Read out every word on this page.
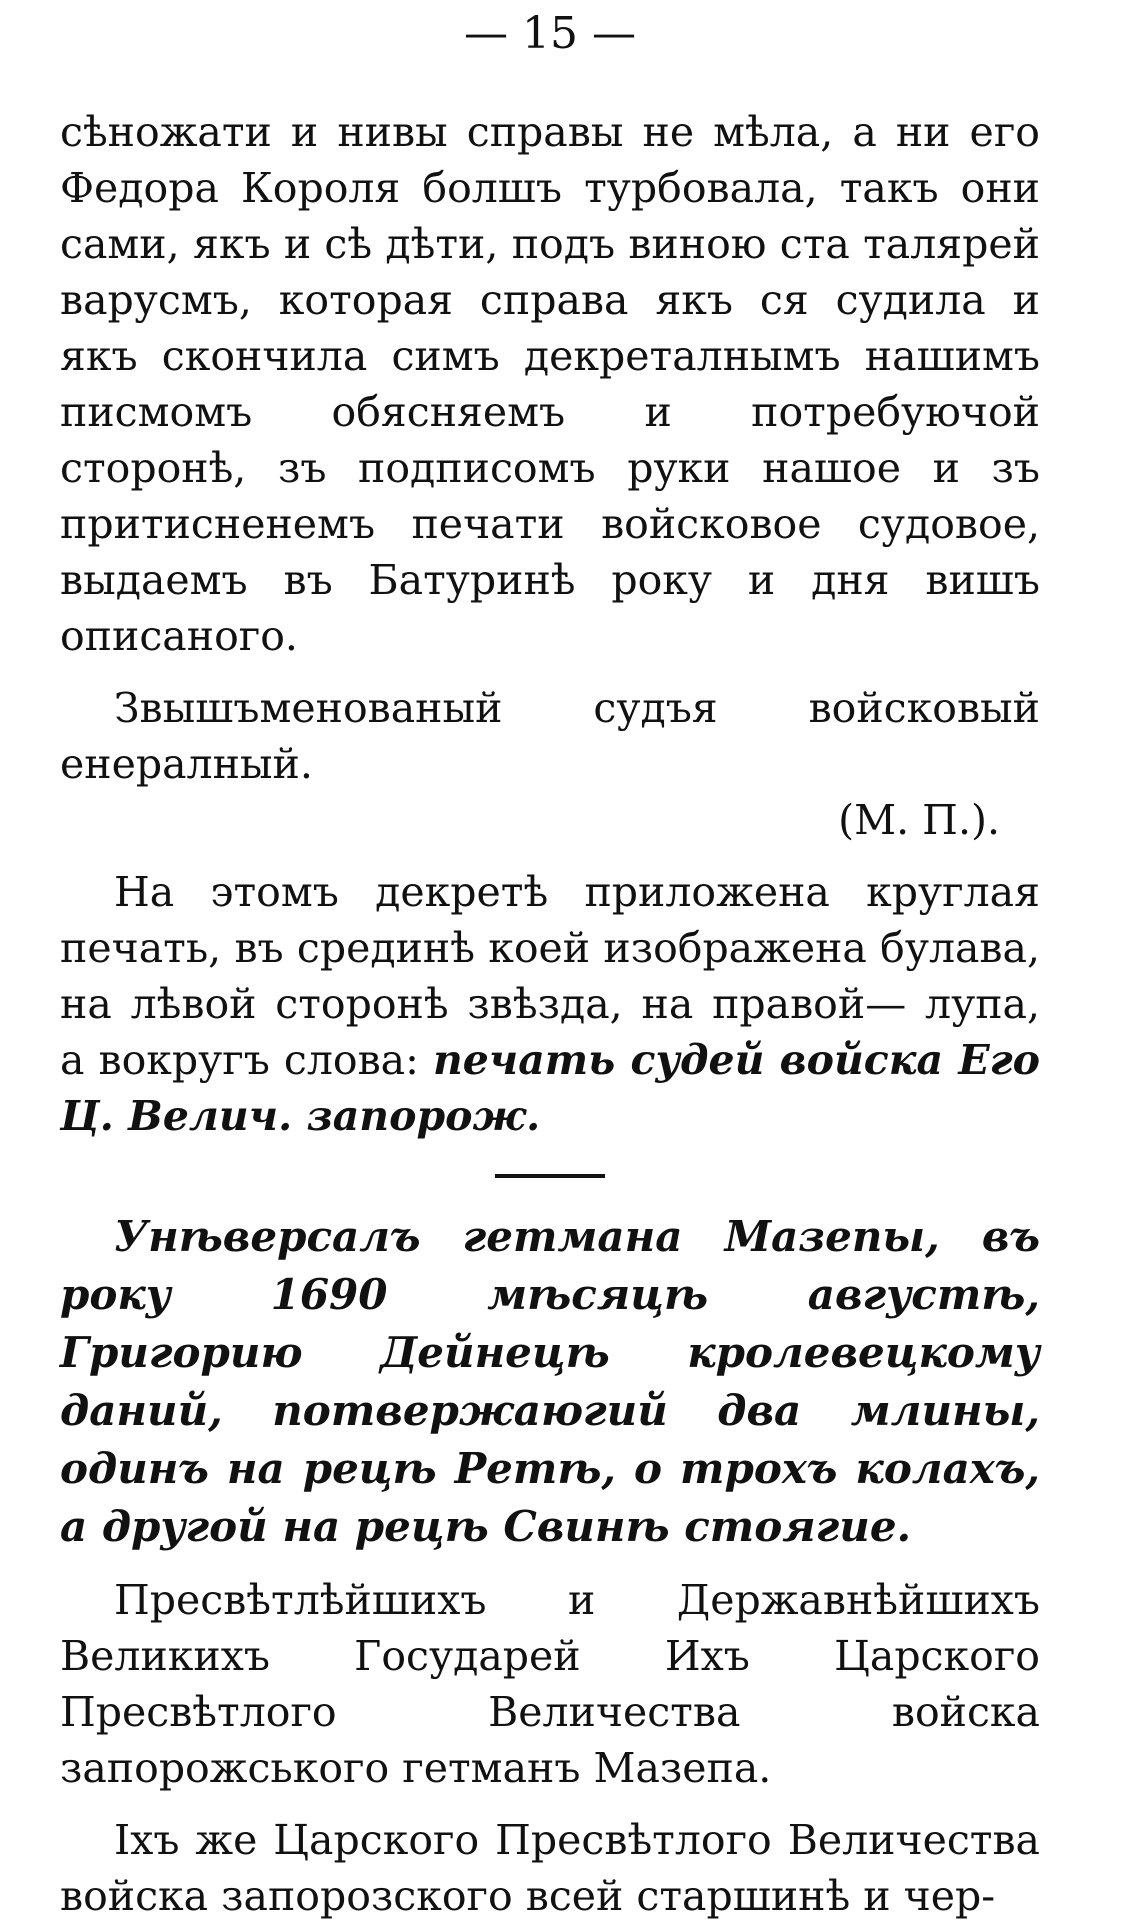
— 15 —

сѣножати и нивы справы не мѣла, а ни его Федора Короля болшъ турбовала, такъ они сами, якъ и сѣ дѣти, подъ виною ста талярей варусмъ, которая справа якъ ся судила и якъ скончила симъ декреталнымъ нашимъ писмомъ обясняемъ и потребуючой сторонѣ, зъ подписомъ руки нашое и зъ притисненемъ печати войсковое судовое, выдаемъ въ Батуринѣ року и дня вишъ описаного.

Звышъменованый судъя войсковый енералный.

(М. П.).

На этомъ декретѣ приложена круглая печать, въ срединѣ коей изображена булава, на лѣвой сторонѣ звѣзда, на правой— лупа, а вокругъ слова: печать судей войска Его Ц. Велич. запорож.

Унѣверсалъ гетмана Мазепы, въ року 1690 мѣсяцѣ августѣ, Григорию Дейнецѣ кролевецкому даний, потвержаюгий два млины, одинъ на рецѣ Ретѣ, о трохъ колахъ, а другой на рецѣ Свинѣ стоягие.

Пресвѣтлѣйшихъ и Державнѣйшихъ Великихъ Государей Ихъ Царского Пресвѣтлого Величества войска запорожського гетманъ Мазепа.

Іхъ же Царского Пресвѣтлого Величества войска запорозского всей старшинѣ и чер-
